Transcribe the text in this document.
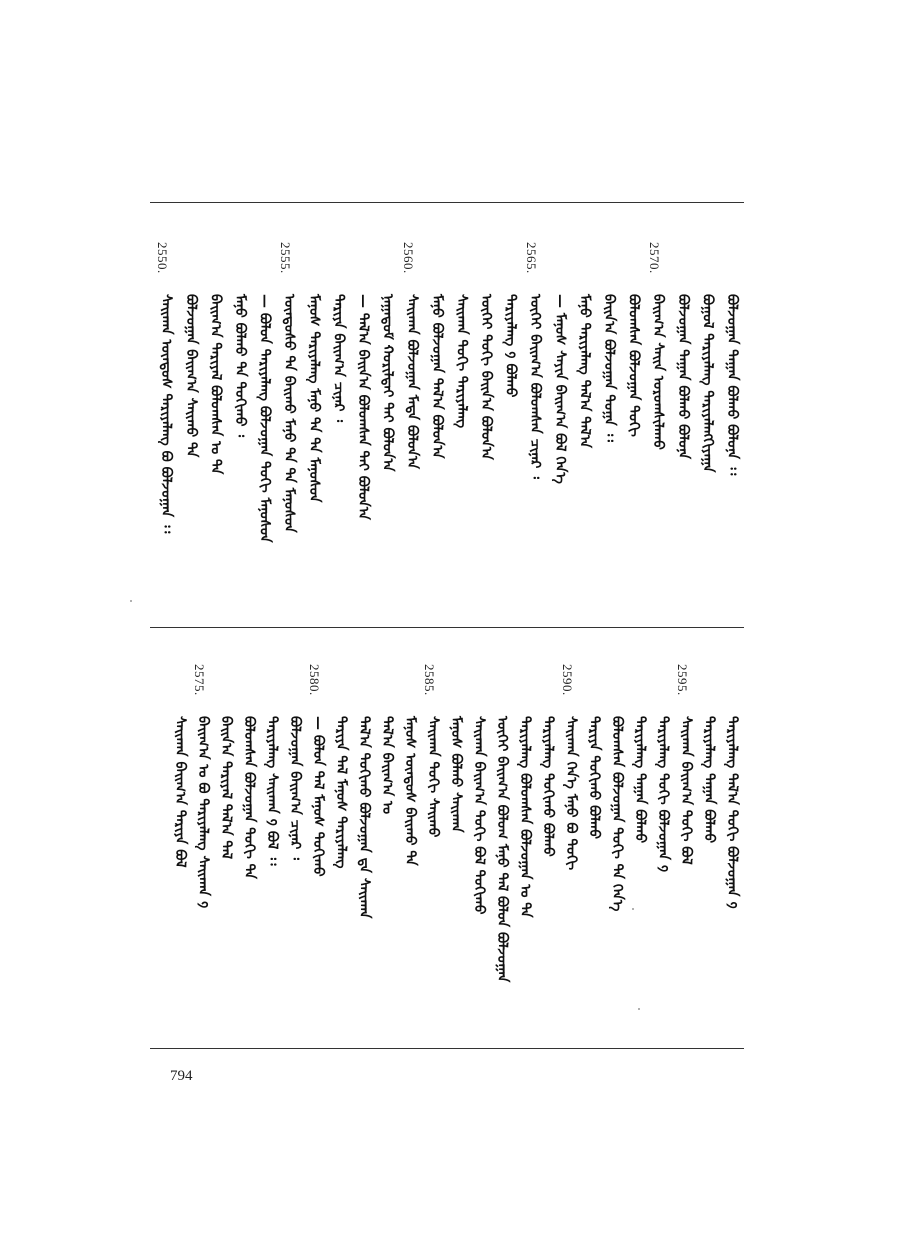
ᠪᠣᠯᠵᠣᠭᠠᠨ ᠲᠠᠭᠠᠨ ᠪᠣᠯᠬᠣ ᠪᠣᠯᠤᠨᠠ ᠄᠄
ᠪᠣᠭᠣᠯ ᠲᠠᠷᠢᠶᠠᠯᠠᠩ ᠲᠠᠷᠢᠶᠠᠯᠠᠩᠬᠢᠶᠠᠭᠠ
ᠪᠣᠯᠵᠣᠭᠠᠨ ᠲᠠᠭᠠᠨ ᠪᠣᠯᠬᠣ ᠪᠣᠯᠤᠨᠠ
2570.
ᠪᠠᠢᠭ᠎ᠠ ᠰᠠᠢᠨ ᠤᠷᠤᠭᠰᠢᠯᠠᠬᠤ
ᠪᠣᠯᠣᠭᠰᠠᠨ ᠪᠣᠯᠵᠣᠭᠠᠨ ᠲᠣᠬᠢ
ᠪᠠᠢᠨ᠎ᠠ ᠪᠣᠯᠵᠣᠭᠠᠨ ᠲᠣᠭᠠ ᠄᠄
ᠮᠠᠨ᠋ᠤ ᠲᠠᠷᠢᠶᠠᠯᠠᠩ ᠲᠠᠯ᠎ᠠ ᠲᠠᠯ᠎ᠠ
— ᠮᠠᠨ᠋ᠤᠰ ᠰᠠᠶᠢᠨ ᠪᠠᠢᠭ᠎ᠠ ᠪᠣᠯ ᠭᠡᠨ᠎ᠡ
2565.
ᠦᠭᠡᠢ ᠪᠠᠢᠭ᠎ᠠ ᠪᠣᠯᠤᠭᠰᠠᠨ ᠴᠢᠨᠠᠷ ᠄
ᠲᠠᠷᠢᠶᠠᠯᠠᠩ ᠀ ᠪᠣᠯᠬᠤ
ᠦᠭᠡᠢ ᠲᠣᠬᠢ ᠪᠠᠢᠨ᠎ᠠ ᠪᠣᠯᠣᠨ᠎ᠠ
ᠰᠠᠢᠬᠠᠨ ᠲᠣᠬᠢ ᠲᠠᠷᠢᠶᠠᠯᠠᠩ
ᠮᠠᠨ᠋ᠤ ᠪᠣᠯᠵᠣᠭᠠᠨ ᠲᠠᠯ᠎ᠠ ᠪᠣᠯᠣᠨ᠎ᠠ
2560.
ᠰᠠᠢᠬᠠᠨ ᠪᠣᠯᠵᠣᠭᠠᠨ ᠮᠠᠲᠠ ᠪᠣᠯᠣᠨ᠎ᠠ
ᠨᠠᠭᠠᠳᠤᠮ ᠬᠤᠷᠢᠯᠲᠠᠢ ᠲᠠᠢ ᠪᠣᠯᠣᠨ᠎ᠠ
— ᠲᠠᠯ᠎ᠠ ᠪᠠᠢᠨ᠎ᠠ ᠪᠣᠯᠣᠭᠰᠠᠨ ᠲᠠᠢ ᠪᠣᠯᠣᠨ᠎ᠠ
ᠲᠠᠷᠢᠶᠠ ᠪᠠᠢᠭ᠎ᠠ ᠴᠢᠨᠠᠷ ᠄
ᠮᠠᠨ᠋ᠤᠰ ᠲᠠᠷᠢᠶᠠᠯᠠᠩ ᠮᠠᠨ᠋ᠤ ᠲᠠ ᠲᠠ ᠮᠠᠨ᠋ᠤᠰᠣᠨ
2555.
ᠦᠨᠳᠦᠰᠦ ᠲᠠ ᠪᠠᠢᠬᠤ ᠮᠠᠨ᠋ᠤ ᠲᠠ ᠲᠠ ᠮᠠᠨ᠋ᠤᠰᠣᠨ
— ᠪᠣᠯᠣᠨ ᠲᠠᠷᠢᠶᠠᠯᠠᠩ ᠪᠣᠯᠵᠣᠭᠠᠨ ᠲᠣᠬᠢ ᠮᠠᠨ᠋ᠤᠰᠣᠨ
ᠮᠠᠨ᠋ᠤ ᠪᠣᠯᠬᠤ ᠲᠠ ᠲᠣᠬᠢᠬᠤ ᠄
ᠪᠠᠢᠭ᠎ᠠ ᠲᠠᠷᠢᠶᠠᠯ ᠪᠣᠯᠣᠭᠰᠠᠨ ᠣ ᠲᠠ
ᠪᠣᠯᠵᠣᠭᠠᠨ ᠪᠠᠢᠭ᠎ᠠ ᠰᠠᠢᠬᠤ ᠲᠠ
2550.
ᠰᠠᠢᠬᠠᠨ ᠦᠨᠳᠦᠰ ᠲᠠᠷᠢᠶᠠᠯᠠᠩ ᠪᠣ ᠪᠣᠯᠵᠣᠭᠠᠨ ᠄᠄
ᠲᠠᠷᠢᠶᠠᠯᠠᠩ ᠲᠠᠯ᠎ᠠ ᠲᠣᠬᠢ ᠪᠣᠯᠵᠣᠭᠠᠨ ᠀
ᠲᠠᠷᠢᠶᠠᠯᠠᠩ ᠲᠠᠭᠠᠨ ᠪᠣᠯᠬᠤ
2595.
ᠰᠠᠢᠬᠠᠨ ᠪᠠᠢᠭ᠎ᠠ ᠲᠣᠬᠢ ᠪᠣᠯ
ᠲᠠᠷᠢᠶᠠᠯᠠᠩ ᠲᠣᠬᠢ ᠪᠣᠯᠵᠣᠭᠠᠨ ᠀
ᠲᠠᠷᠢᠶᠠᠯᠠᠩ ᠲᠠᠭᠠᠨ ᠪᠣᠯᠬᠤ
ᠪᠣᠯᠣᠭᠰᠠᠨ ᠪᠣᠯᠵᠣᠭᠠᠨ ᠲᠣᠬᠢ ᠲᠠ ᠭᠡᠨ᠎ᠡ
ᠲᠠᠷᠢᠶᠠ ᠲᠣᠬᠢᠬᠤ ᠪᠣᠯᠬᠤ
2590.
ᠰᠠᠢᠬᠠᠨ ᠭᠡᠨ᠎ᠡ ᠮᠠᠨ᠋ᠤ ᠪᠣ ᠲᠣᠬᠢ
ᠲᠠᠷᠢᠶᠠᠯᠠᠩ ᠲᠣᠬᠢᠬᠤ ᠪᠣᠯᠬᠤ
ᠲᠠᠷᠢᠶᠠᠯᠠᠩ ᠪᠣᠯᠣᠭᠰᠠᠨ ᠪᠣᠯᠵᠣᠭᠠᠨ ᠣ ᠲᠠ
ᠦᠭᠡᠢ ᠪᠠᠢᠭ᠎ᠠ ᠪᠣᠯᠤᠭ ᠮᠠᠨ᠋ᠤ ᠲᠠᠯ ᠪᠣᠯᠣᠨ ᠪᠣᠯᠵᠣᠭᠠᠨ
ᠰᠠᠢᠬᠠᠨ ᠪᠠᠢᠭ᠎ᠠ ᠲᠣᠬᠢ ᠪᠣᠯ ᠲᠣᠬᠢᠬᠤ
ᠮᠠᠨ᠋ᠤᠰ ᠪᠣᠯᠬᠤ ᠰᠠᠢᠬᠠᠨ
2585.
ᠰᠠᠢᠬᠠᠨ ᠲᠣᠬᠢ ᠰᠠᠢᠬᠤ
ᠮᠠᠨ᠋ᠤᠰ ᠦᠨᠳᠦᠰ ᠪᠠᠢᠬᠤ ᠲᠠ
ᠲᠠᠯ᠎ᠠ ᠪᠠᠢᠭ᠎ᠠ ᠣ
ᠲᠠᠯ᠎ᠠ ᠲᠣᠬᠢᠬᠤ ᠪᠣᠯᠵᠣᠭᠠᠨ ᠳᠠ ᠰᠠᠢᠬᠠᠨ
ᠲᠠᠷᠢᠶᠠ ᠲᠠᠯ ᠮᠠᠨ᠋ᠤᠰ ᠲᠠᠷᠢᠶᠠᠯᠠᠩ
2580.
— ᠪᠣᠯᠣᠨ ᠲᠠᠯ ᠮᠠᠨ᠋ᠤᠰ ᠲᠣᠬᠢᠬᠤ
ᠪᠣᠯᠵᠣᠭᠠᠨ ᠪᠠᠢᠭ᠎ᠠ ᠴᠢᠨᠠᠷ ᠄
ᠲᠠᠷᠢᠶᠠᠯᠠᠩ ᠰᠠᠢᠬᠠᠨ ᠀ ᠪᠣᠯ ᠄᠄
ᠪᠣᠯᠣᠭᠰᠠᠨ ᠪᠣᠯᠵᠣᠭᠠᠨ ᠲᠣᠬᠢ ᠲᠠ
ᠪᠠᠢᠨ᠎ᠠ ᠲᠠᠷᠢᠶᠠᠯ ᠲᠠᠯ᠎ᠠ ᠲᠠᠯ
2575.
ᠪᠠᠢᠭ᠎ᠠ ᠣ ᠪᠣ ᠲᠠᠷᠢᠶᠠᠯᠠᠩ ᠰᠠᠢᠬᠠᠨ ᠀
ᠰᠠᠢᠬᠠᠨ ᠪᠠᠢᠭ᠎ᠠ ᠲᠠᠷᠢᠶᠠ ᠪᠣᠯ
794
